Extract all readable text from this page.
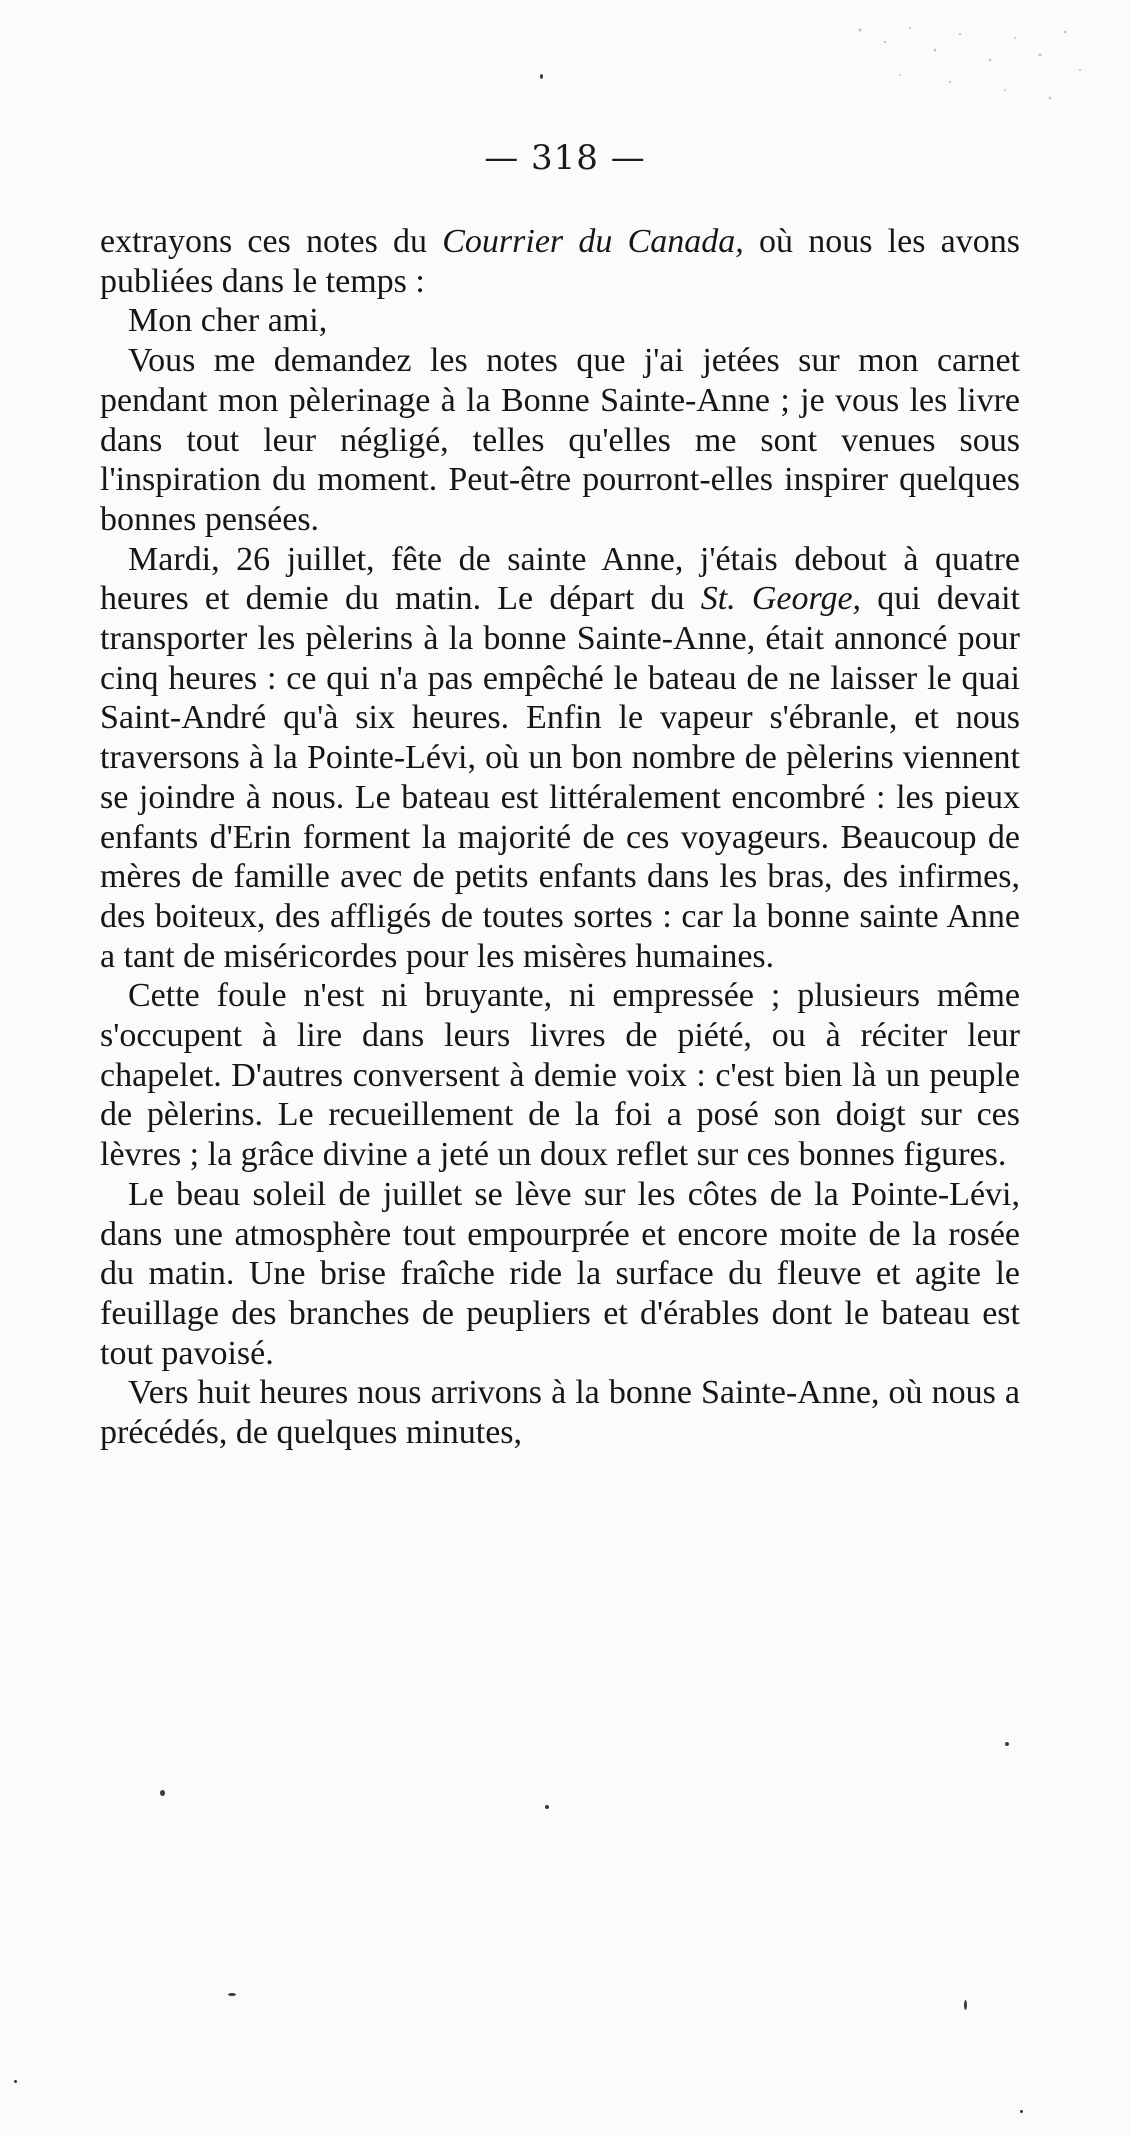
— 318 —

extrayons ces notes du Courrier du Canada, où nous les avons publiées dans le temps :

Mon cher ami,

Vous me demandez les notes que j'ai jetées sur mon carnet pendant mon pèlerinage à la Bonne Sainte-Anne ; je vous les livre dans tout leur négligé, telles qu'elles me sont venues sous l'inspiration du moment. Peut-être pourront-elles inspirer quelques bonnes pensées.

Mardi, 26 juillet, fête de sainte Anne, j'étais debout à quatre heures et demie du matin. Le départ du St. George, qui devait transporter les pèlerins à la bonne Sainte-Anne, était annoncé pour cinq heures : ce qui n'a pas empêché le bateau de ne laisser le quai Saint-André qu'à six heures. Enfin le vapeur s'ébranle, et nous traversons à la Pointe-Lévi, où un bon nombre de pèlerins viennent se joindre à nous. Le bateau est littéralement encombré : les pieux enfants d'Erin forment la majorité de ces voyageurs. Beaucoup de mères de famille avec de petits enfants dans les bras, des infirmes, des boiteux, des affligés de toutes sortes : car la bonne sainte Anne a tant de miséricordes pour les misères humaines.

Cette foule n'est ni bruyante, ni empressée ; plusieurs même s'occupent à lire dans leurs livres de piété, ou à réciter leur chapelet. D'autres conversent à demie voix : c'est bien là un peuple de pèlerins. Le recueillement de la foi a posé son doigt sur ces lèvres ; la grâce divine a jeté un doux reflet sur ces bonnes figures.

Le beau soleil de juillet se lève sur les côtes de la Pointe-Lévi, dans une atmosphère tout empourprée et encore moite de la rosée du matin. Une brise fraîche ride la surface du fleuve et agite le feuillage des branches de peupliers et d'érables dont le bateau est tout pavoisé.

Vers huit heures nous arrivons à la bonne Sainte-Anne, où nous a précédés, de quelques minutes,
